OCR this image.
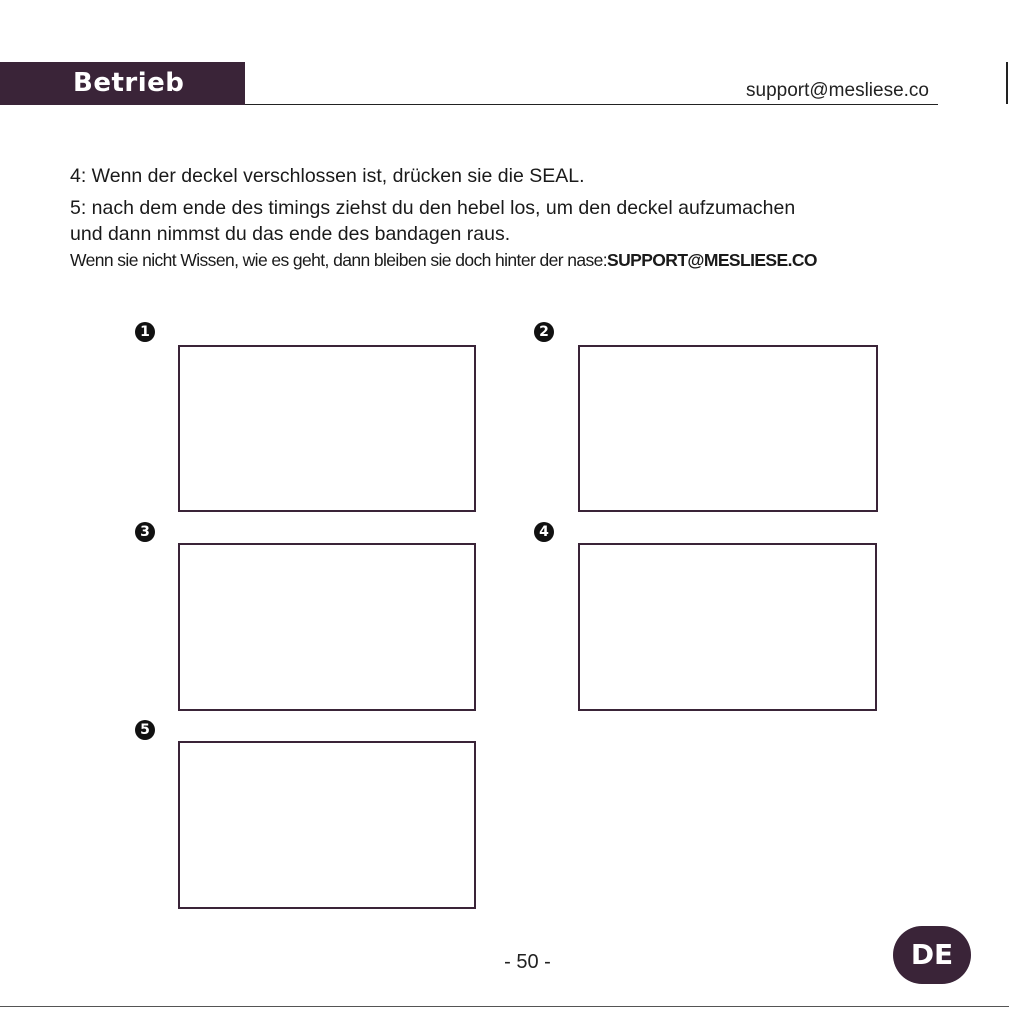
Betrieb	support@mesliese.co
4: Wenn der deckel verschlossen ist, drücken sie die SEAL.
5: nach dem ende des timings ziehst du den hebel los, um den deckel aufzumachen
und dann nimmst du das ende des bandagen raus.
Wenn sie nicht Wissen, wie es geht, dann bleiben sie doch hinter der nase:SUPPORT@MESLIESE.CO
1	2
3	4
5
- 50 -	DE
